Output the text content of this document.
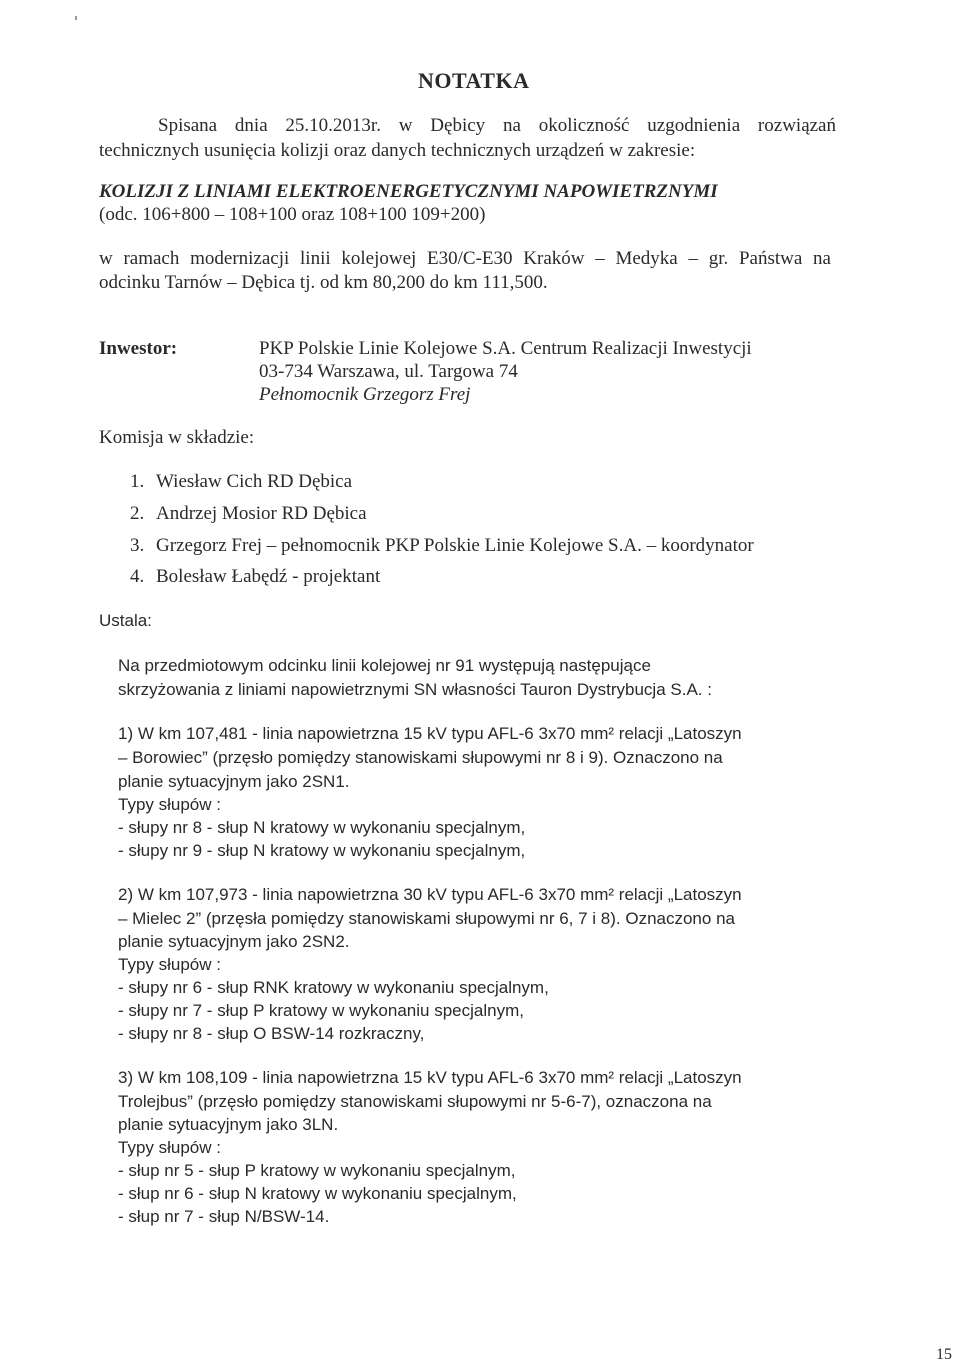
NOTATKA
Spisana dnia 25.10.2013r. w Dębicy na okoliczność uzgodnienia rozwiązań
technicznych usunięcia kolizji oraz danych technicznych urządzeń w zakresie:
KOLIZJI Z LINIAMI ELEKTROENERGETYCZNYMI NAPOWIETRZNYMI
(odc. 106+800 – 108+100 oraz 108+100 109+200)
w ramach modernizacji linii kolejowej E30/C-E30 Kraków – Medyka – gr. Państwa na
odcinku Tarnów – Dębica tj. od km 80,200 do km 111,500.
Inwestor:	PKP Polskie Linie Kolejowe S.A. Centrum Realizacji Inwestycji
03-734 Warszawa, ul. Targowa 74
Pełnomocnik Grzegorz Frej
Komisja w składzie:
1. Wiesław Cich RD Dębica
2. Andrzej Mosior RD Dębica
3. Grzegorz Frej – pełnomocnik PKP Polskie Linie Kolejowe S.A. – koordynator
4. Bolesław Łabędź - projektant
Ustala:
Na przedmiotowym odcinku linii kolejowej nr 91 występują następujące
skrzyżowania z liniami napowietrznymi SN własności Tauron Dystrybucja S.A. :
1) W km 107,481 - linia napowietrzna 15 kV typu AFL-6 3x70 mm² relacji „Latoszyn
– Borowiec” (przęsło pomiędzy stanowiskami słupowymi nr 8 i 9). Oznaczono na
planie sytuacyjnym jako 2SN1.
Typy słupów :
- słupy nr 8 - słup N kratowy w wykonaniu specjalnym,
- słupy nr 9 - słup N kratowy w wykonaniu specjalnym,
2) W km 107,973 - linia napowietrzna 30 kV typu AFL-6 3x70 mm² relacji „Latoszyn
– Mielec 2” (przęsła pomiędzy stanowiskami słupowymi nr 6, 7 i 8). Oznaczono na
planie sytuacyjnym jako 2SN2.
Typy słupów :
- słupy nr 6 - słup RNK kratowy w wykonaniu specjalnym,
- słupy nr 7 - słup P kratowy w wykonaniu specjalnym,
- słupy nr 8 - słup O BSW-14 rozkraczny,
3) W km 108,109 - linia napowietrzna 15 kV typu AFL-6 3x70 mm² relacji „Latoszyn
Trolejbus” (przęsło pomiędzy stanowiskami słupowymi nr 5-6-7), oznaczona na
planie sytuacyjnym jako 3LN.
Typy słupów :
- słup nr 5 - słup P kratowy w wykonaniu specjalnym,
- słup nr 6 - słup N kratowy w wykonaniu specjalnym,
- słup nr 7 - słup N/BSW-14.
15
